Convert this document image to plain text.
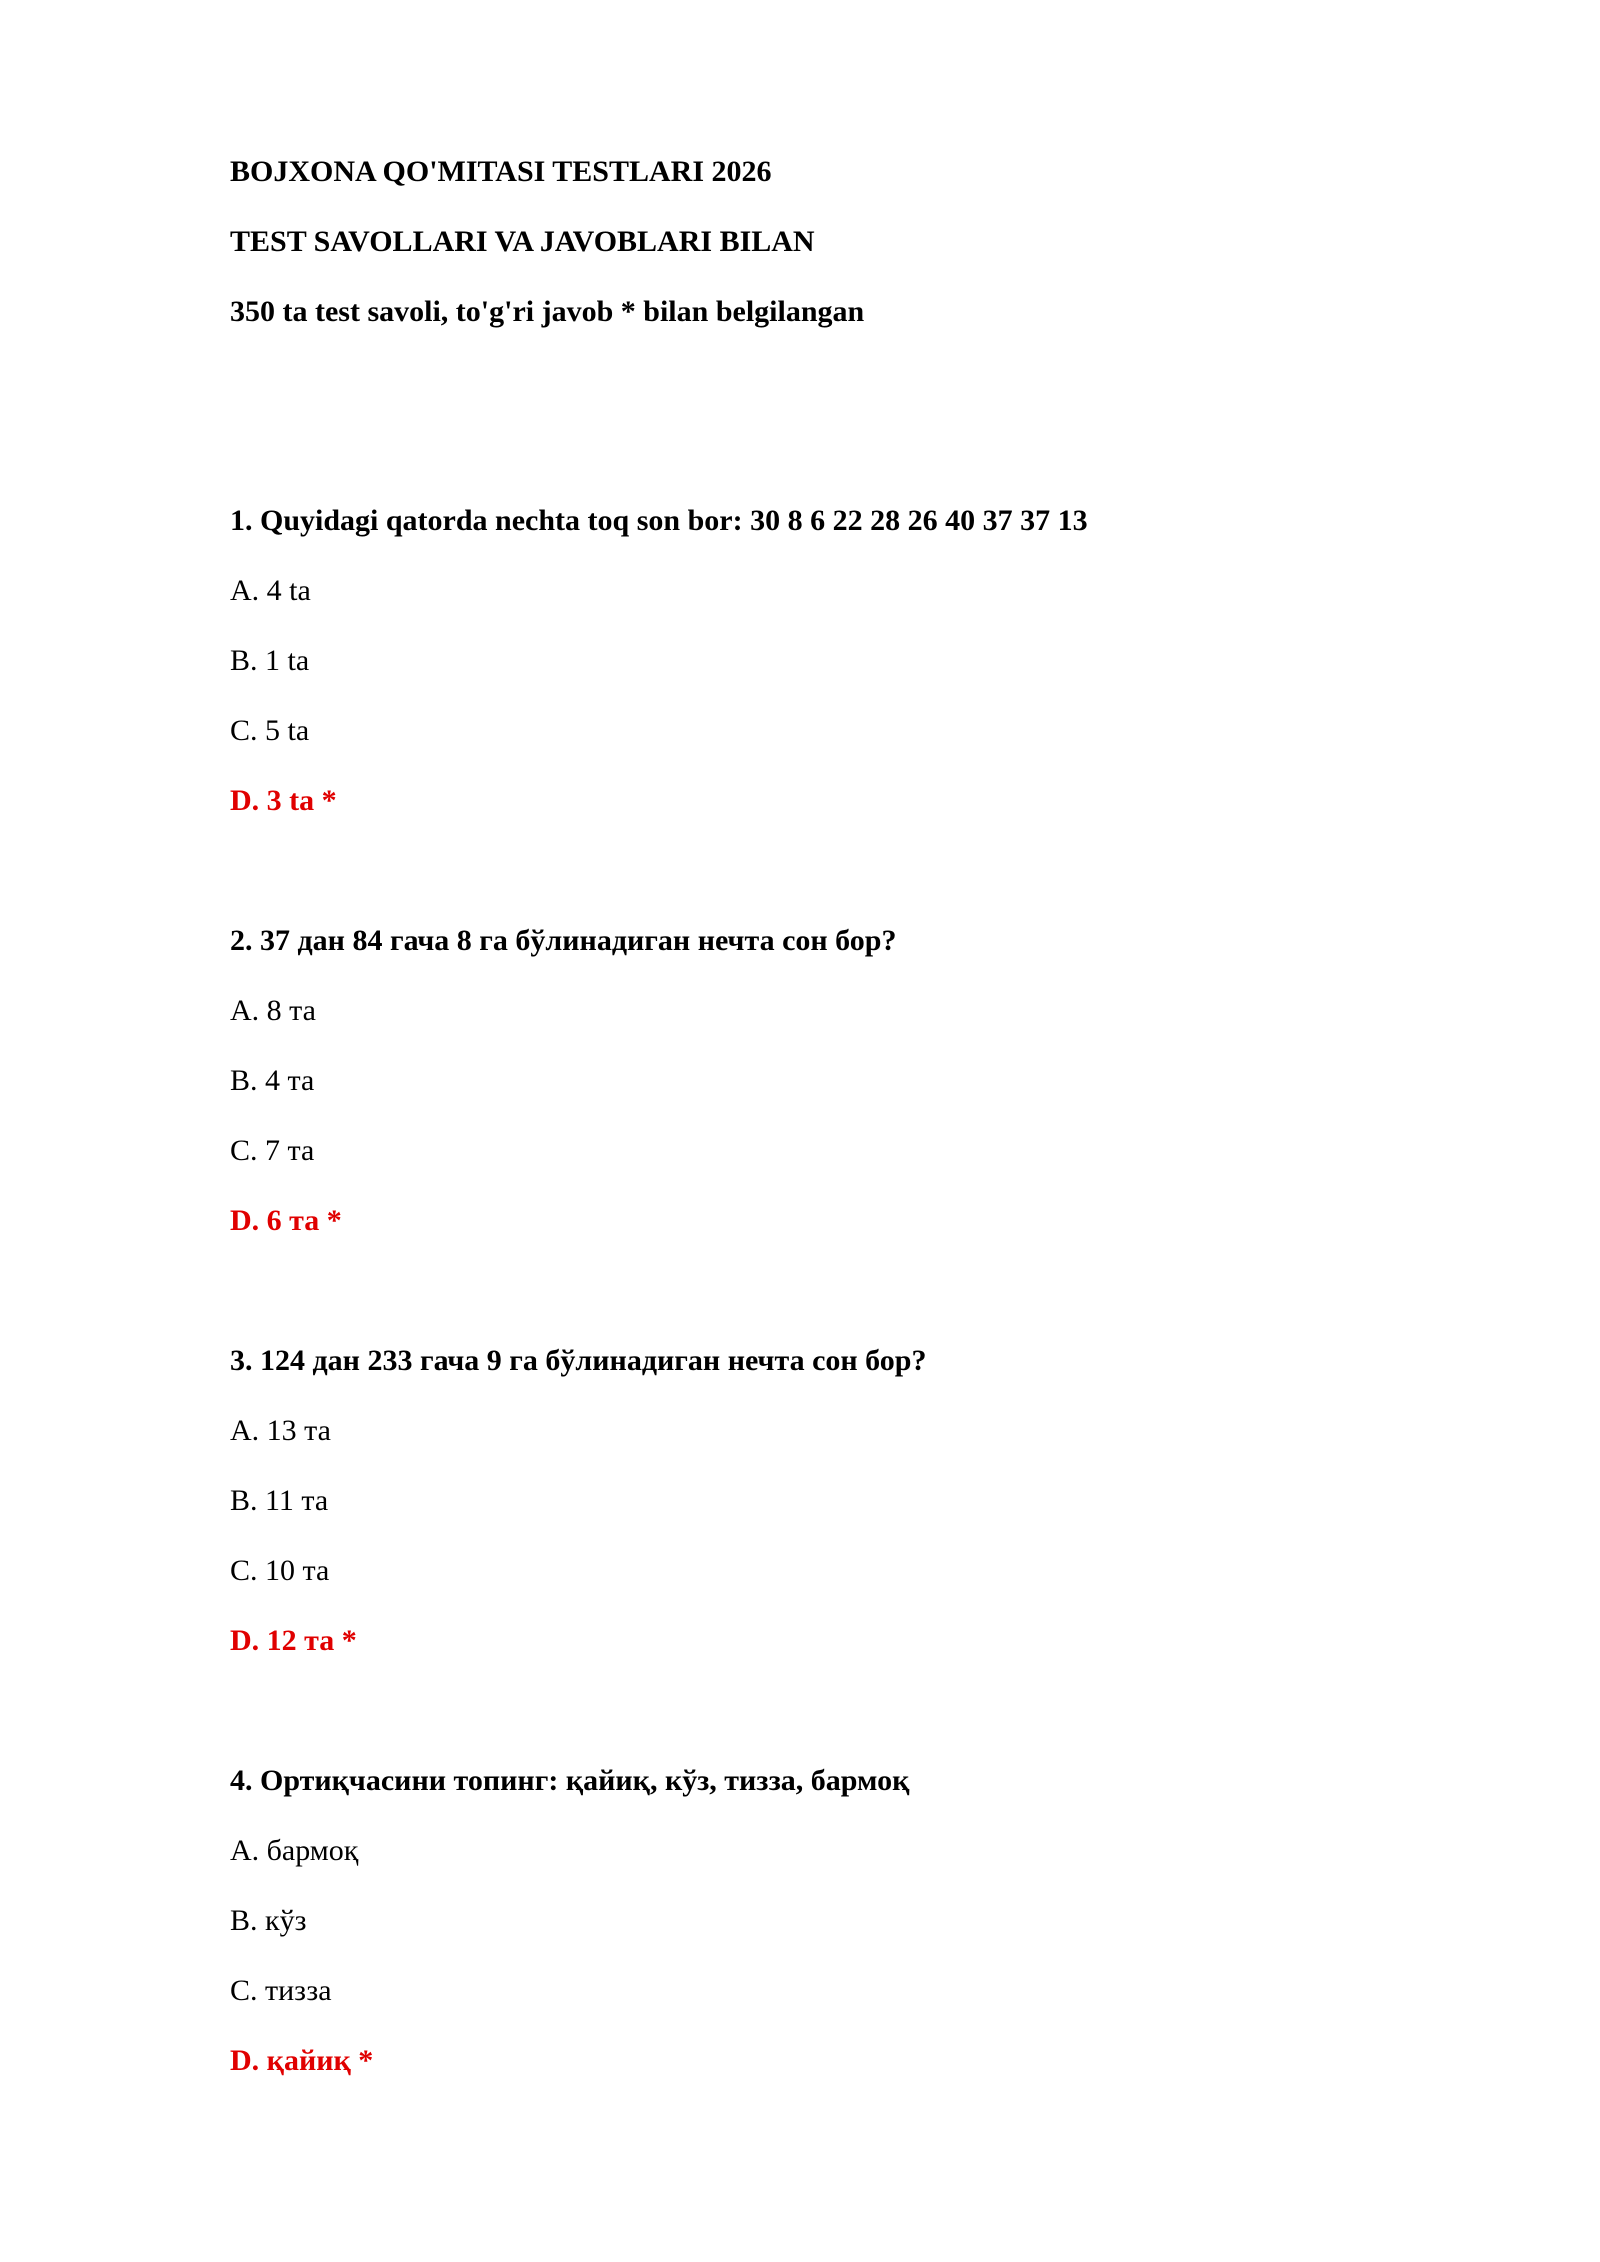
BOJXONA QO'MITASI TESTLARI 2026
TEST SAVOLLARI VA JAVOBLARI BILAN
350 ta test savoli, to'g'ri javob * bilan belgilangan
1. Quyidagi qatorda nechta toq son bor: 30 8 6 22 28 26 40 37 37 13
A. 4 ta
B. 1 ta
C. 5 ta
D. 3 ta *
2. 37 дан 84 гача 8 га бўлинадиган нечта сон бор?
A. 8 та
B. 4 та
C. 7 та
D. 6 та *
3. 124 дан 233 гача 9 га бўлинадиган нечта сон бор?
A. 13 та
B. 11 та
C. 10 та
D. 12 та *
4. Ортиқчасини топинг: қайиқ, кўз, тизза, бармоқ
A. бармоқ
B. кўз
C. тизза
D. қайиқ *
